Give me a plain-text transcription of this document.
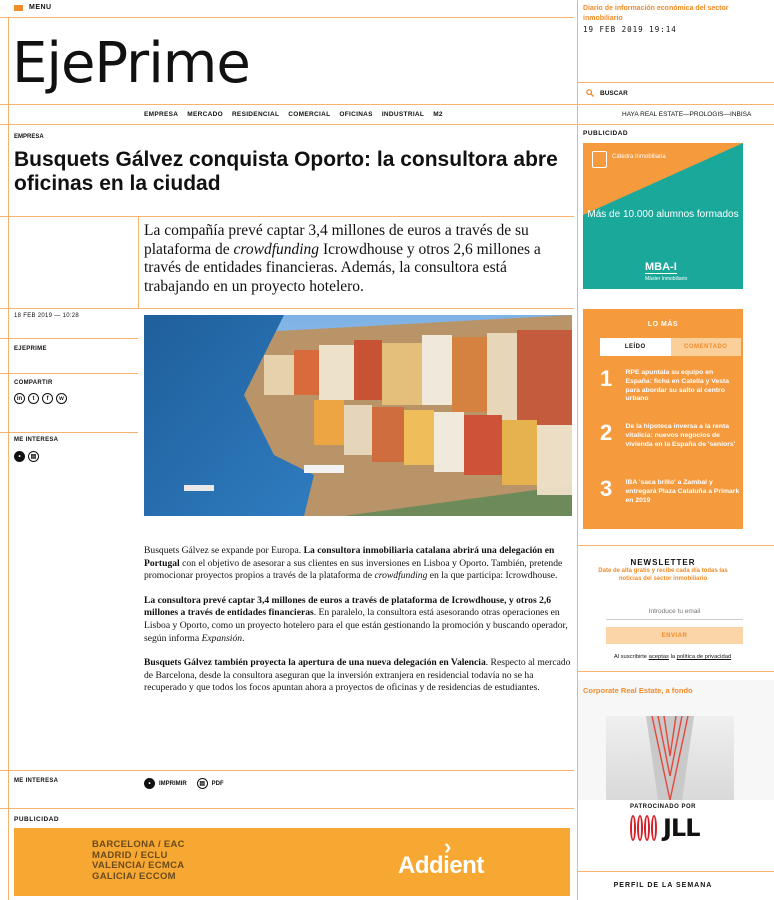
MENU
EjePrime
Diario de información económica del sector inmobiliario
19 FEB 2019 19:14
BUSCAR
EMPRESA MERCADO RESIDENCIAL COMERCIAL OFICINAS INDUSTRIAL M2	HAYA REAL ESTATE—PROLOGIS—INBISA
EMPRESA
Busquets Gálvez conquista Oporto: la consultora abre oficinas en la ciudad
La compañía prevé captar 3,4 millones de euros a través de su plataforma de crowdfunding Icrowdhouse y otros 2,6 millones a través de entidades financieras. Además, la consultora está trabajando en un proyecto hotelero.
18 FEB 2019 — 10:28
EJEPRIME
COMPARTIR
in	t	f	w
ME INTERESA
•	▤

Busquets Gálvez se expande por Europa. La consultora inmobiliaria catalana abrirá una delegación en Portugal con el objetivo de asesorar a sus clientes en sus inversiones en Lisboa y Oporto. También, pretende promocionar proyectos propios a través de la plataforma de crowdfunding en la que participa: Icrowdhouse.

La consultora prevé captar 3,4 millones de euros a través de plataforma de Icrowdhouse, y otros 2,6 millones a través de entidades financieras. En paralelo, la consultora está asesorando otras operaciones en Lisboa y Oporto, como un proyecto hotelero para el que están gestionando la promoción y buscando operador, según informa Expansión.

Busquets Gálvez también proyecta la apertura de una nueva delegación en Valencia. Respecto al mercado de Barcelona, desde la consultora aseguran que la inversión extranjera en residencial todavía no se ha recuperado y que todos los focos apuntan ahora a proyectos de oficinas y de residencias de estudiantes.

ME INTERESA	•	IMPRIMIR	▤	PDF
PUBLICIDAD
BARCELONA / EAC
MADRID / ECLU
VALENCIA/ ECMCA
GALICIA/ ECCOM
›
Addient
PUBLICIDAD
Cátedra Inmobiliaria
Más de 10.000 alumnos formados
MBA-I
Máster Inmobiliario
LO MÁS
LEÍDO	COMENTADO
1	RPE apuntala su equipo en España: ficha en Catella y Vesta para abordar su salto al centro urbano
2	De la hipoteca inversa a la renta vitalicia: nuevos negocios de vivienda en la España de 'seniors'
3	IBA 'saca brillo' a Zambal y entregará Plaza Cataluña a Primark en 2019
NEWSLETTER
Date de alta gratis y recibe cada día todas las noticias del sector inmobiliario
Introduce tu email
ENVIAR
Al suscribirte aceptas la política de privacidad
Corporate Real Estate, a fondo
PATROCINADO POR
JLL
PERFIL DE LA SEMANA
